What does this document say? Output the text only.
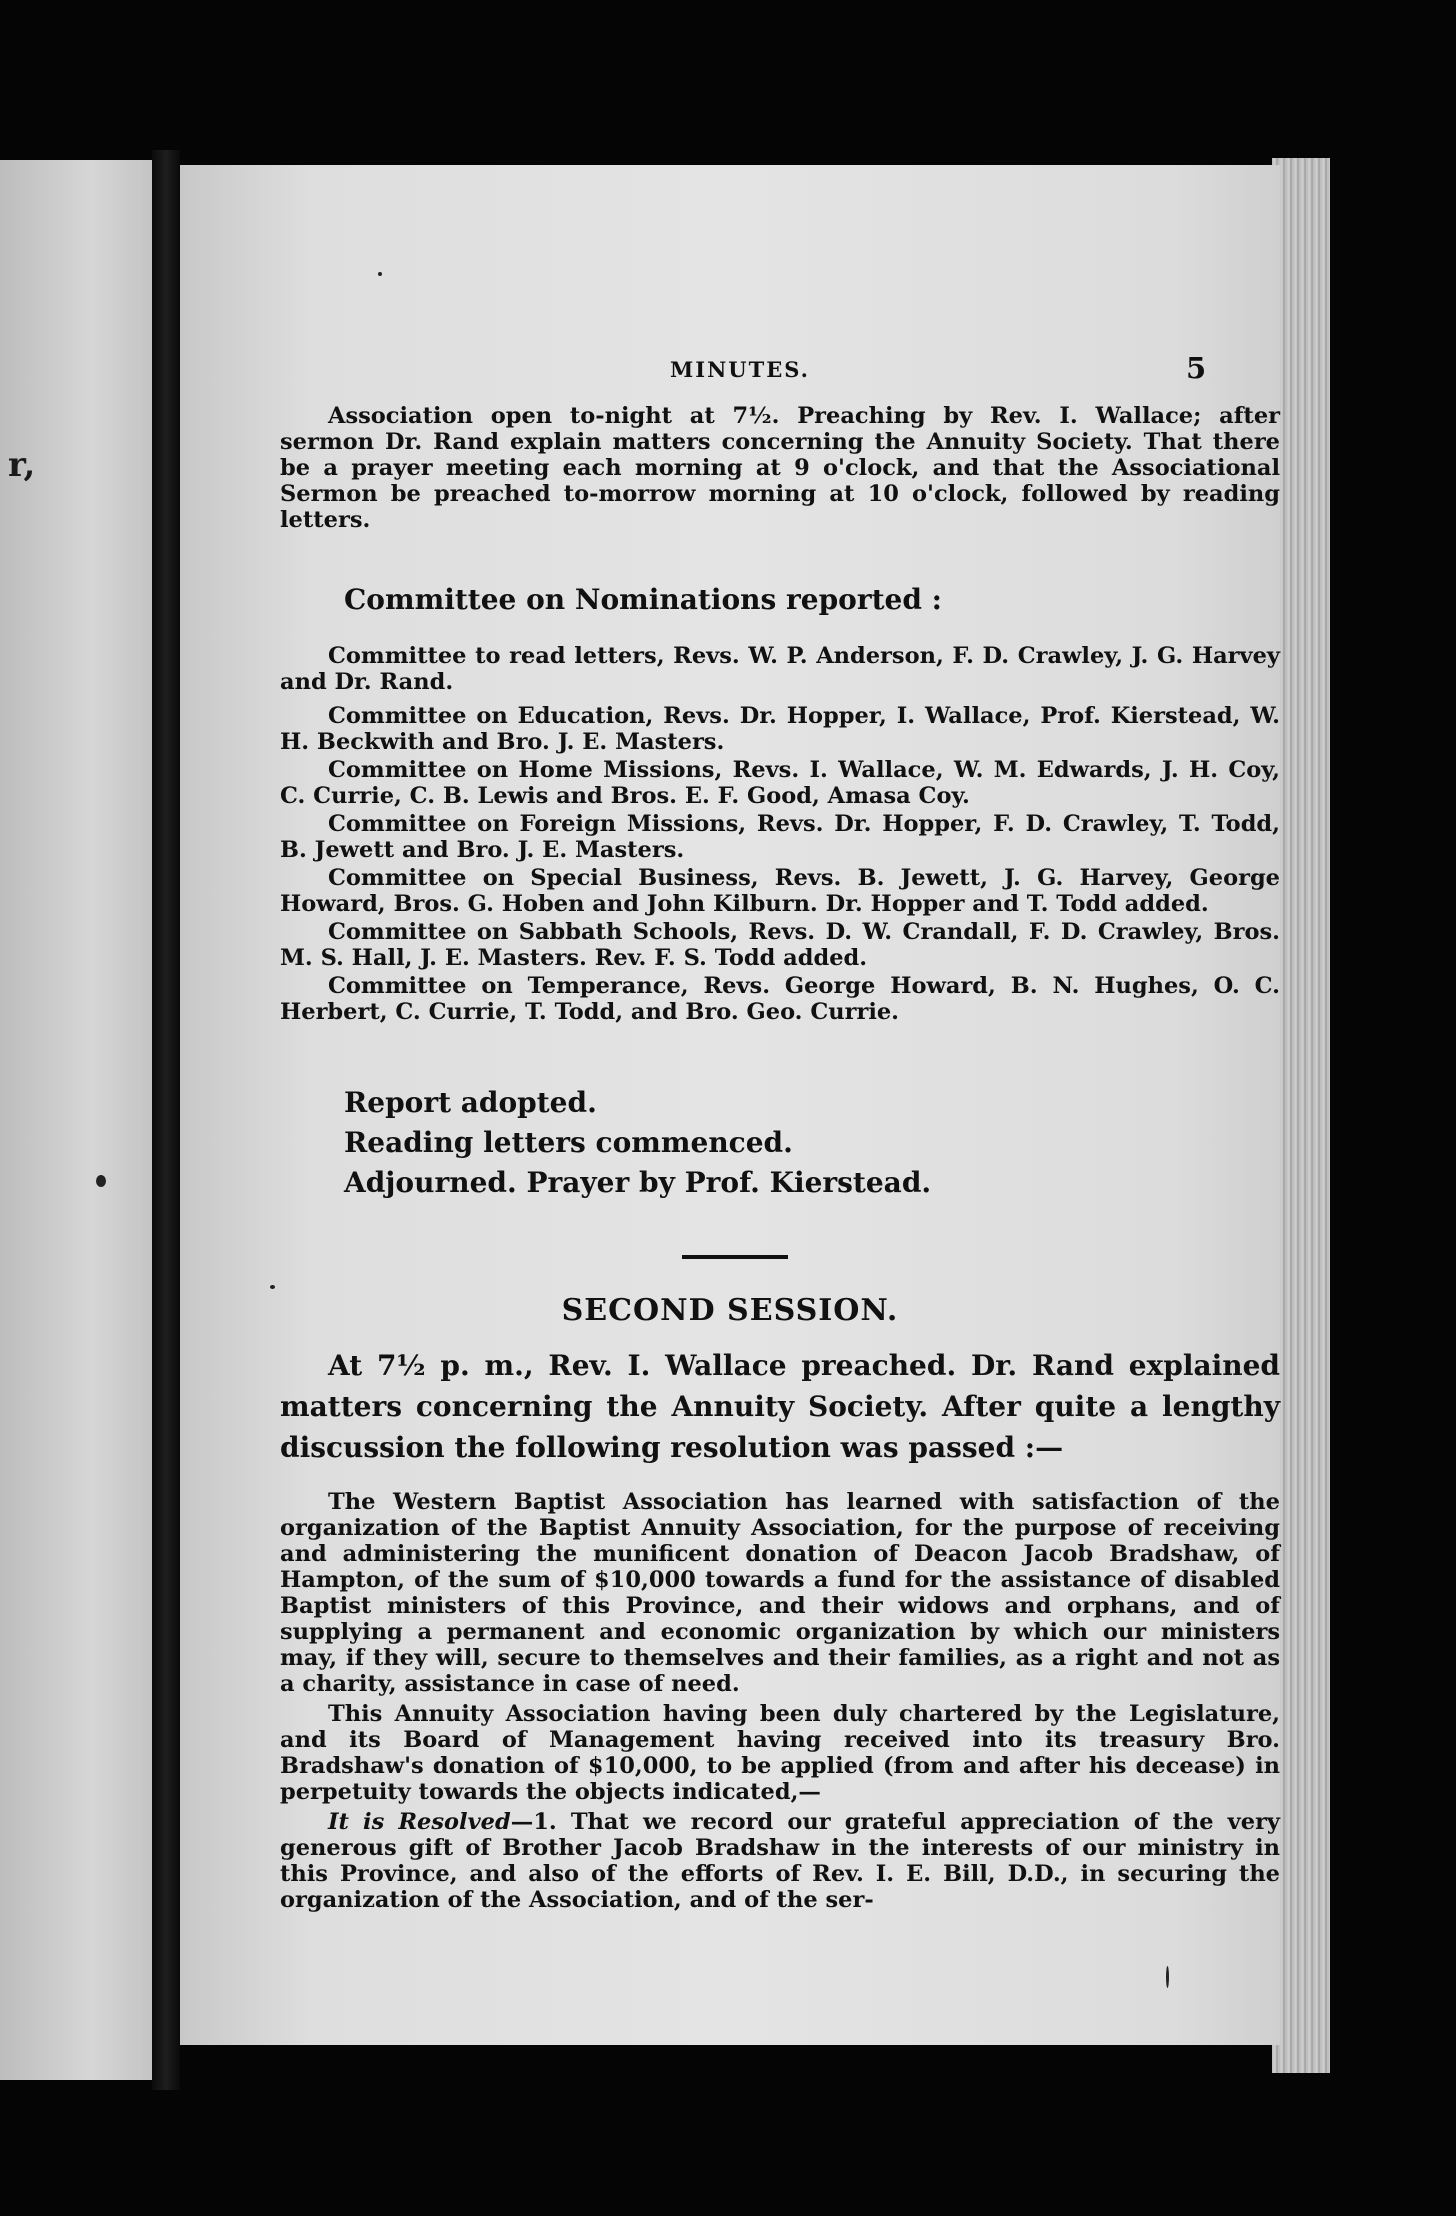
r,
MINUTES.	5

Association open to-night at 7½. Preaching by Rev. I. Wallace; after sermon Dr. Rand explain matters concerning the Annuity Society. That there be a prayer meeting each morning at 9 o'clock, and that the Associational Sermon be preached to-morrow morning at 10 o'clock, followed by reading letters.

Committee on Nominations reported :

Committee to read letters, Revs. W. P. Anderson, F. D. Crawley, J. G. Harvey and Dr. Rand.

Committee on Education, Revs. Dr. Hopper, I. Wallace, Prof. Kierstead, W. H. Beckwith and Bro. J. E. Masters.

Committee on Home Missions, Revs. I. Wallace, W. M. Edwards, J. H. Coy, C. Currie, C. B. Lewis and Bros. E. F. Good, Amasa Coy.

Committee on Foreign Missions, Revs. Dr. Hopper, F. D. Crawley, T. Todd, B. Jewett and Bro. J. E. Masters.

Committee on Special Business, Revs. B. Jewett, J. G. Harvey, George Howard, Bros. G. Hoben and John Kilburn. Dr. Hopper and T. Todd added.

Committee on Sabbath Schools, Revs. D. W. Crandall, F. D. Crawley, Bros. M. S. Hall, J. E. Masters. Rev. F. S. Todd added.

Committee on Temperance, Revs. George Howard, B. N. Hughes, O. C. Herbert, C. Currie, T. Todd, and Bro. Geo. Currie.

Report adopted.

Reading letters commenced.

Adjourned. Prayer by Prof. Kierstead.

SECOND SESSION.

At 7½ p. m., Rev. I. Wallace preached. Dr. Rand explained matters concerning the Annuity Society. After quite a lengthy discussion the following resolution was passed :—

The Western Baptist Association has learned with satisfaction of the organization of the Baptist Annuity Association, for the purpose of receiving and administering the munificent donation of Deacon Jacob Bradshaw, of Hampton, of the sum of $10,000 towards a fund for the assistance of disabled Baptist ministers of this Province, and their widows and orphans, and of supplying a permanent and economic organization by which our ministers may, if they will, secure to themselves and their families, as a right and not as a charity, assistance in case of need.

This Annuity Association having been duly chartered by the Legislature, and its Board of Management having received into its treasury Bro. Bradshaw's donation of $10,000, to be applied (from and after his decease) in perpetuity towards the objects indicated,—

It is Resolved—1. That we record our grateful appreciation of the very generous gift of Brother Jacob Bradshaw in the interests of our ministry in this Province, and also of the efforts of Rev. I. E. Bill, D.D., in securing the organization of the Association, and of the ser-
